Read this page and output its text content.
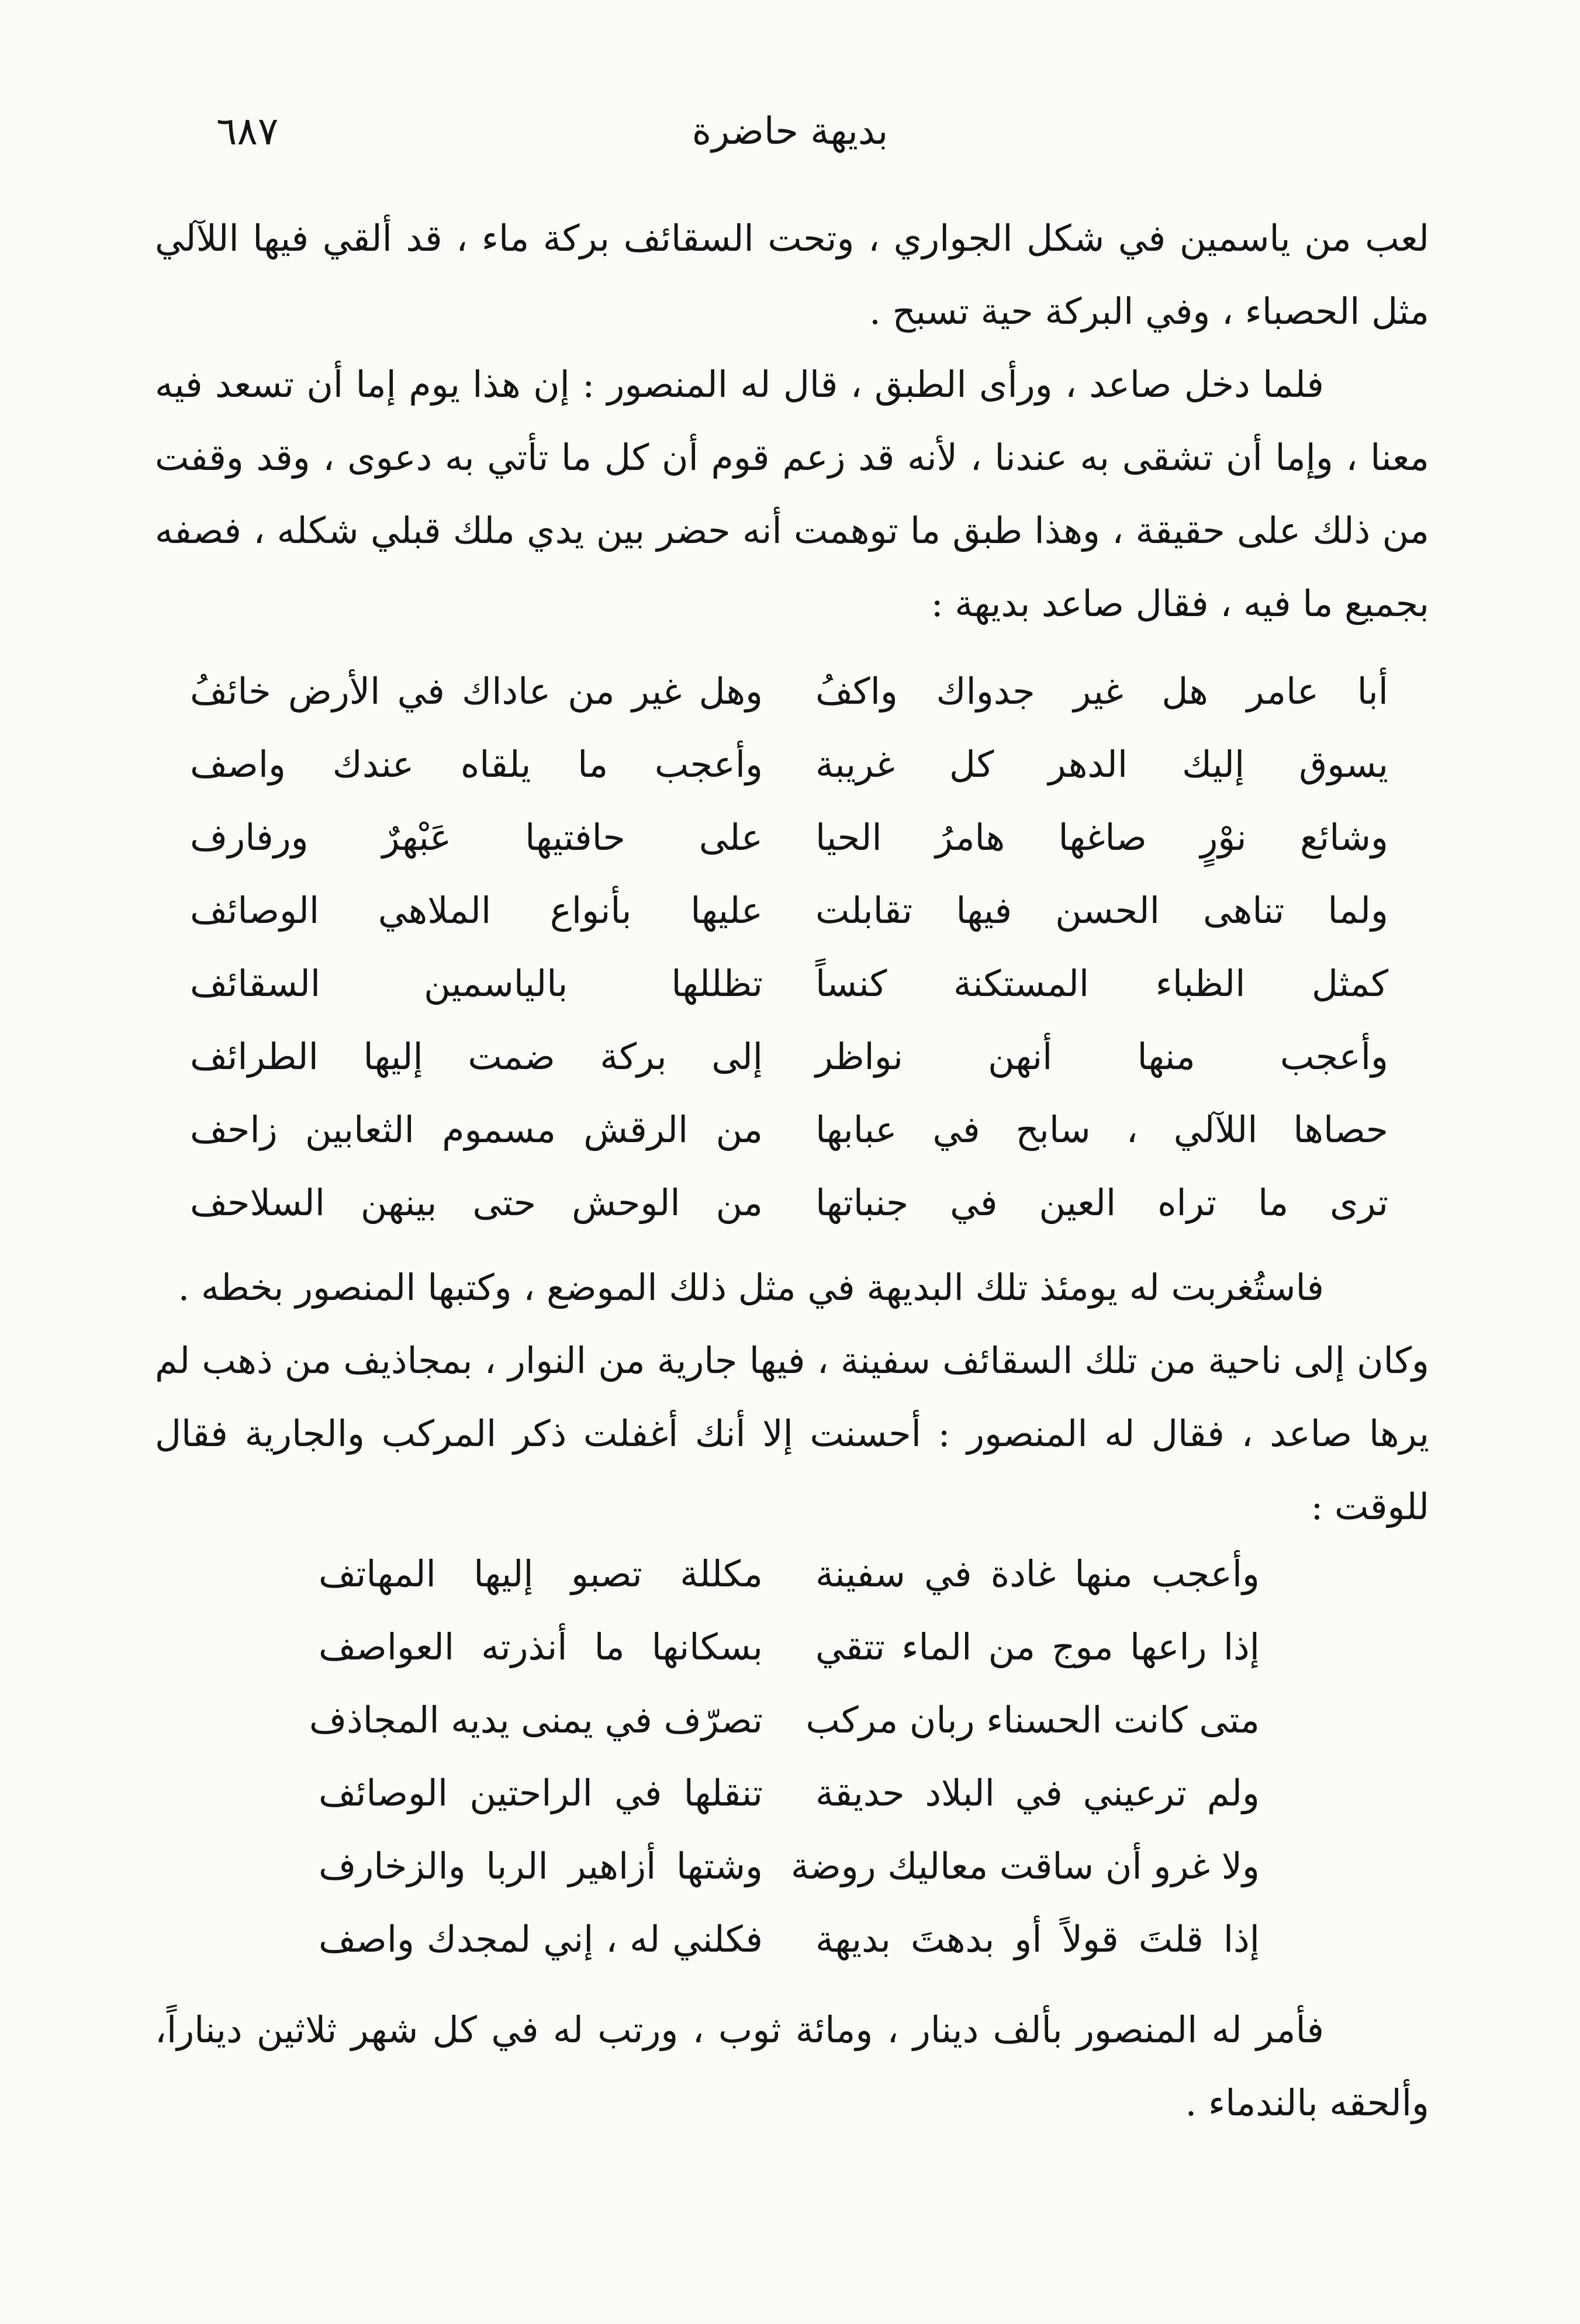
بديهة حاضرة
٦٨٧

لعب من ياسمين في شكل الجواري ، وتحت السقائف بركة ماء ، قد ألقي فيها اللآلي مثل الحصباء ، وفي البركة حية تسبح .

فلما دخل صاعد ، ورأى الطبق ، قال له المنصور : إن هذا يوم إما أن تسعد فيه معنا ، وإما أن تشقى به عندنا ، لأنه قد زعم قوم أن كل ما تأتي به دعوى ، وقد وقفت من ذلك على حقيقة ، وهذا طبق ما توهمت أنه حضر بين يدي ملك قبلي شكله ، فصفه بجميع ما فيه ، فقال صاعد بديهة :

أبا عامر هل غير جدواك واكفُ
وهل غير من عاداك في الأرض خائفُ
يسوق إليك الدهر كل غريبة
وأعجب ما يلقاه عندك واصف
وشائع نوْرٍ صاغها هامرُ الحيا
على حافتيها عَبْهرٌ ورفارف
ولما تناهى الحسن فيها تقابلت
عليها بأنواع الملاهي الوصائف
كمثل الظباء المستكنة كنساً
تظللها بالياسمين السقائف
وأعجب منها أنهن نواظر
إلى بركة ضمت إليها الطرائف
حصاها اللآلي ، سابح في عبابها
من الرقش مسموم الثعابين زاحف
ترى ما تراه العين في جنباتها
من الوحش حتى بينهن السلاحف

فاستُغربت له يومئذ تلك البديهة في مثل ذلك الموضع ، وكتبها المنصور بخطه .

وكان إلى ناحية من تلك السقائف سفينة ، فيها جارية من النوار ، بمجاذيف من ذهب لم يرها صاعد ، فقال له المنصور : أحسنت إلا أنك أغفلت ذكر المركب والجارية فقال للوقت :

وأعجب منها غادة في سفينة
مكللة تصبو إليها المهاتف
إذا راعها موج من الماء تتقي
بسكانها ما أنذرته العواصف
متى كانت الحسناء ربان مركب
تصرّف في يمنى يديه المجاذف
ولم ترعيني في البلاد حديقة
تنقلها في الراحتين الوصائف
ولا غرو أن ساقت معاليك روضة
وشتها أزاهير الربا والزخارف
إذا قلتَ قولاً أو بدهتَ بديهة
فكلني له ، إني لمجدك واصف

فأمر له المنصور بألف دينار ، ومائة ثوب ، ورتب له في كل شهر ثلاثين ديناراً، وألحقه بالندماء .
